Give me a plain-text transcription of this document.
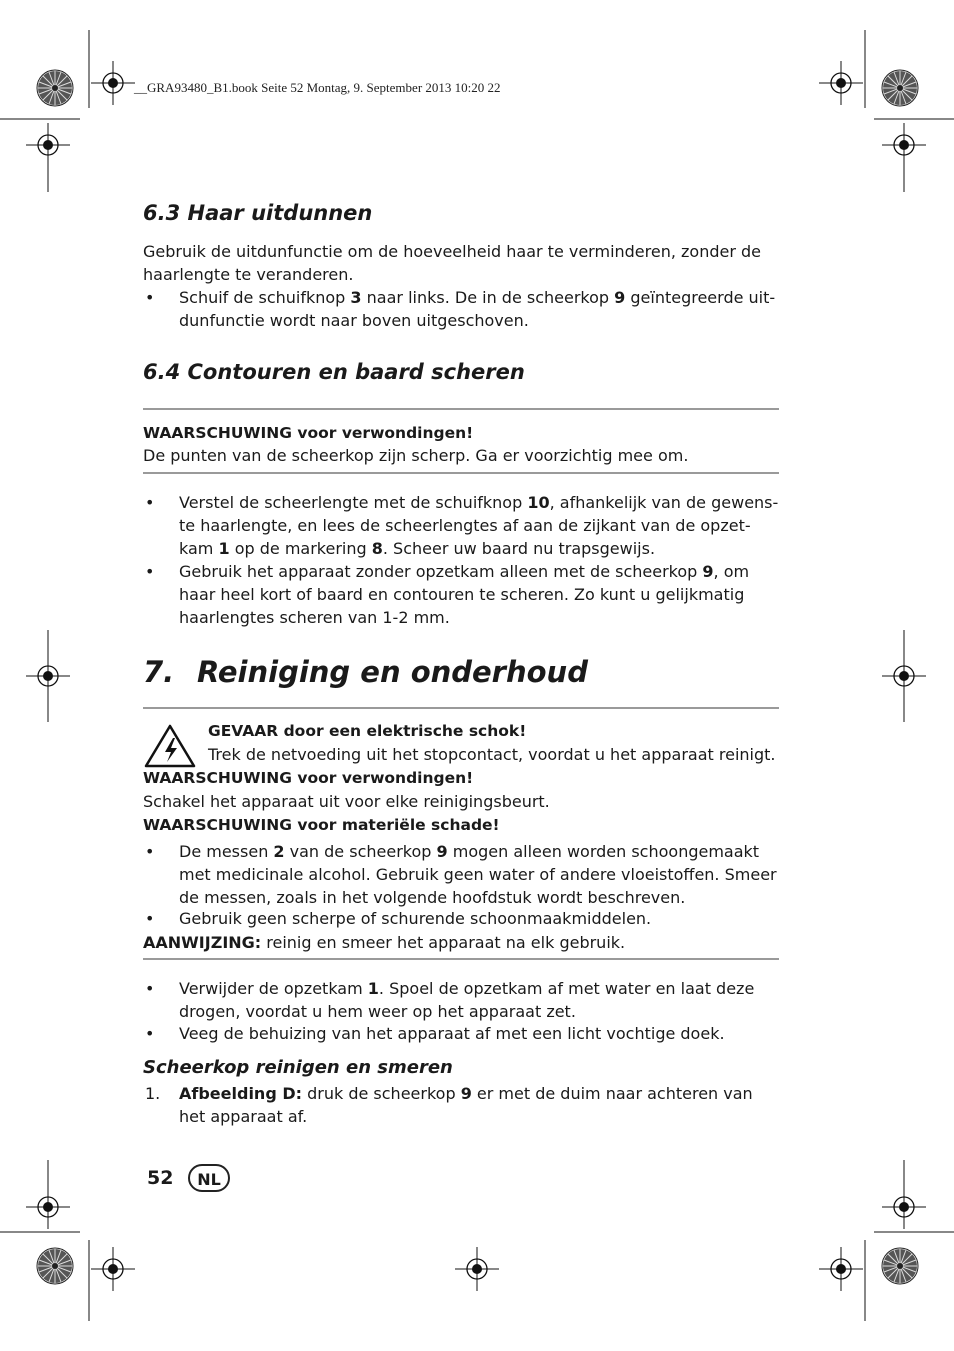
__GRA93480_B1.book Seite 52 Montag, 9. September 2013 10:20 22
6.3 Haar uitdunnen
Gebruik de uitdunfunctie om de hoeveelheid haar te verminderen, zonder de
haarlengte te veranderen.
• Schuif de schuifknop 3 naar links. De in de scheerkop 9 geïntegreerde uit-
dunfunctie wordt naar boven uitgeschoven.
6.4 Contouren en baard scheren
WAARSCHUWING voor verwondingen!
De punten van de scheerkop zijn scherp. Ga er voorzichtig mee om.
• Verstel de scheerlengte met de schuifknop 10, afhankelijk van de gewens-
te haarlengte, en lees de scheerlengtes af aan de zijkant van de opzet-
kam 1 op de markering 8. Scheer uw baard nu trapsgewijs.
• Gebruik het apparaat zonder opzetkam alleen met de scheerkop 9, om
haar heel kort of baard en contouren te scheren. Zo kunt u gelijkmatig
haarlengtes scheren van 1-2 mm.
7. Reiniging en onderhoud
GEVAAR door een elektrische schok!
Trek de netvoeding uit het stopcontact, voordat u het apparaat reinigt.
WAARSCHUWING voor verwondingen!
Schakel het apparaat uit voor elke reinigingsbeurt.
WAARSCHUWING voor materiële schade!
• De messen 2 van de scheerkop 9 mogen alleen worden schoongemaakt
met medicinale alcohol. Gebruik geen water of andere vloeistoffen. Smeer
de messen, zoals in het volgende hoofdstuk wordt beschreven.
• Gebruik geen scherpe of schurende schoonmaakmiddelen.
AANWIJZING: reinig en smeer het apparaat na elk gebruik.
• Verwijder de opzetkam 1. Spoel de opzetkam af met water en laat deze
drogen, voordat u hem weer op het apparaat zet.
• Veeg de behuizing van het apparaat af met een licht vochtige doek.
Scheerkop reinigen en smeren
1. Afbeelding D: druk de scheerkop 9 er met de duim naar achteren van
het apparaat af.
52	NL
